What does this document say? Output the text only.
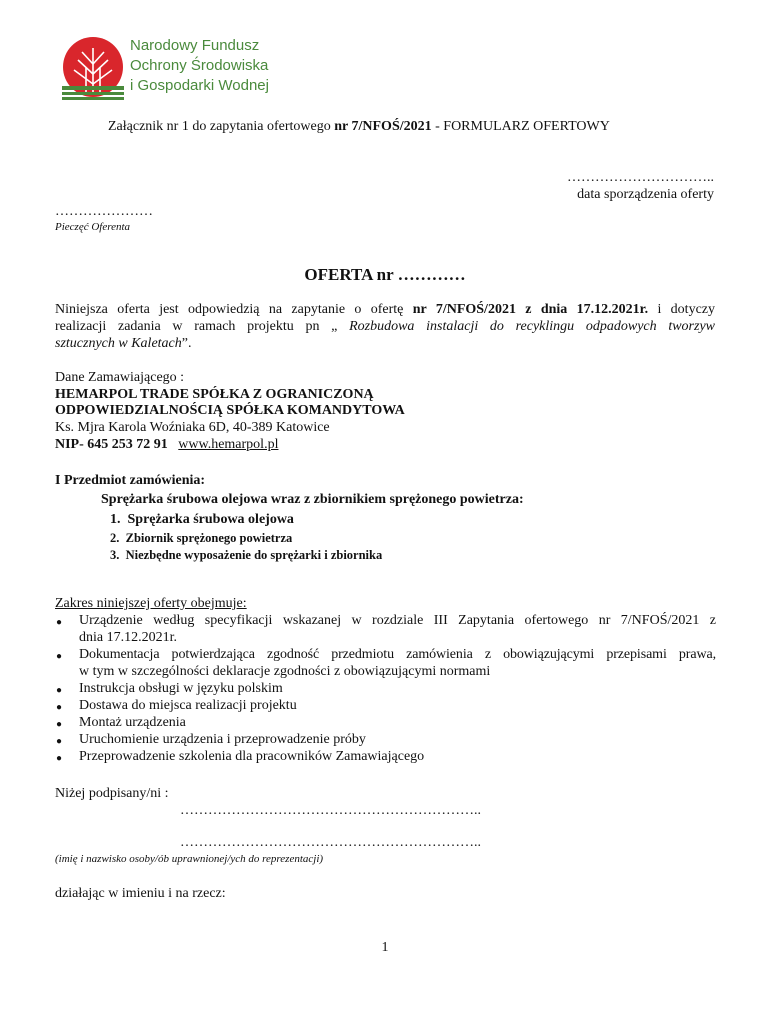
Narodowy Fundusz
Ochrony Środowiska
i Gospodarki Wodnej
Załącznik nr 1 do zapytania ofertowego nr 7/NFOŚ/2021 - FORMULARZ OFERTOWY
…………………………..
data sporządzenia oferty
…………………
Pieczęć Oferenta
OFERTA nr …………
Niniejsza oferta jest odpowiedzią na zapytanie o ofertę nr 7/NFOŚ/2021 z dnia 17.12.2021r. i dotyczy
realizacji zadania w ramach projektu pn „ Rozbudowa instalacji do recyklingu odpadowych tworzyw
sztucznych w Kaletach”.
Dane Zamawiającego :
HEMARPOL TRADE SPÓŁKA Z OGRANICZONĄ
ODPOWIEDZIALNOŚCIĄ SPÓŁKA KOMANDYTOWA
Ks. Mjra Karola Woźniaka 6D, 40-389 Katowice
NIP- 645 253 72 91 www.hemarpol.pl
I Przedmiot zamówienia:
Sprężarka śrubowa olejowa wraz z zbiornikiem sprężonego powietrza:
1. Sprężarka śrubowa olejowa
2. Zbiornik sprężonego powietrza
3. Niezbędne wyposażenie do sprężarki i zbiornika
Zakres niniejszej oferty obejmuje:
● Urządzenie według specyfikacji wskazanej w rozdziale III Zapytania ofertowego nr 7/NFOŚ/2021 z
dnia 17.12.2021r.
● Dokumentacja potwierdzająca zgodność przedmiotu zamówienia z obowiązującymi przepisami prawa,
w tym w szczególności deklaracje zgodności z obowiązującymi normami
● Instrukcja obsługi w języku polskim
● Dostawa do miejsca realizacji projektu
● Montaż urządzenia
● Uruchomienie urządzenia i przeprowadzenie próby
● Przeprowadzenie szkolenia dla pracowników Zamawiającego
Niżej podpisany/ni :
………………………………………………………..
………………………………………………………..
(imię i nazwisko osoby/ób uprawnionej/ych do reprezentacji)
działając w imieniu i na rzecz:
1
